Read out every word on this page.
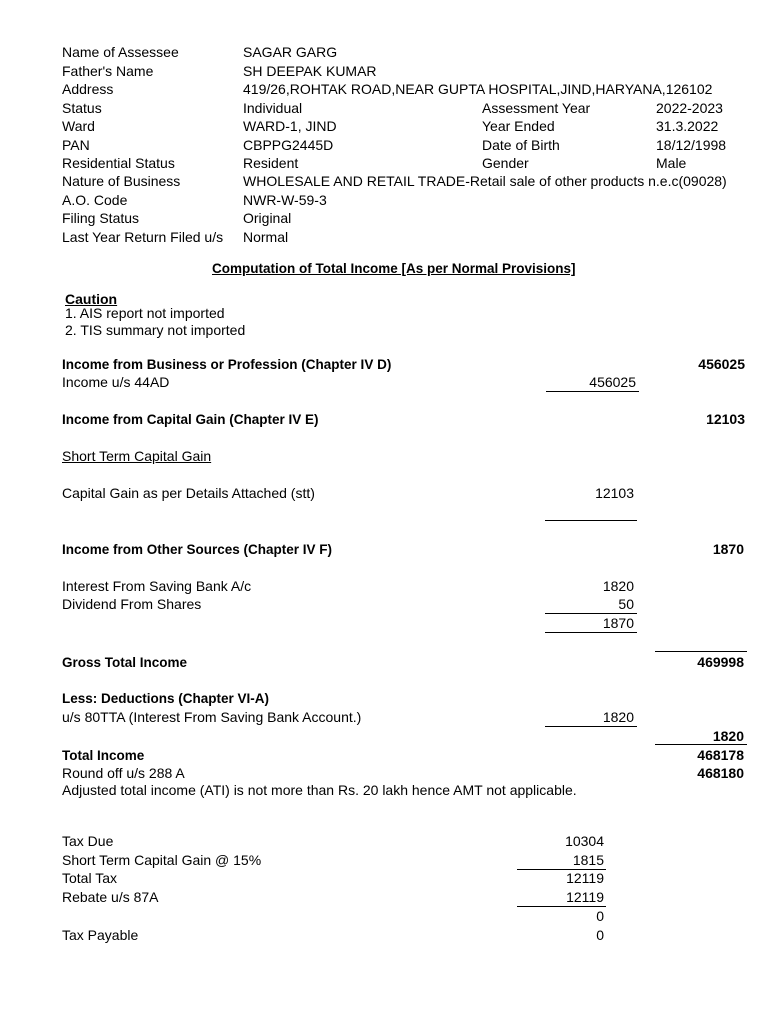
Name of Assessee	SAGAR GARG
Father's Name	SH DEEPAK KUMAR
Address	419/26,ROHTAK ROAD,NEAR GUPTA HOSPITAL,JIND,HARYANA,126102
Status	Individual	Assessment Year	2022-2023
Ward	WARD-1, JIND	Year Ended	31.3.2022
PAN	CBPPG2445D	Date of Birth	18/12/1998
Residential Status	Resident	Gender	Male
Nature of Business	WHOLESALE AND RETAIL TRADE-Retail sale of other products n.e.c(09028)
A.O. Code	NWR-W-59-3
Filing Status	Original
Last Year Return Filed u/s Normal
Computation of Total Income [As per Normal Provisions]
Caution
1. AIS report not imported
2. TIS summary not imported
Income from Business or Profession (Chapter IV D)	456025
Income u/s 44AD	456025
Income from Capital Gain (Chapter IV E)	12103
Short Term Capital Gain
Capital Gain as per Details Attached (stt)	12103
Income from Other Sources (Chapter IV F)	1870
Interest From Saving Bank A/c	1820
Dividend From Shares	50
1870
Gross Total Income	469998
Less: Deductions (Chapter VI-A)
u/s 80TTA (Interest From Saving Bank Account.)	1820
1820
Total Income	468178
Round off u/s 288 A	468180
Adjusted total income (ATI) is not more than Rs. 20 lakh hence AMT not applicable.
Tax Due	10304
Short Term Capital Gain @ 15%	1815
Total Tax	12119
Rebate u/s 87A	12119
0
Tax Payable	0
